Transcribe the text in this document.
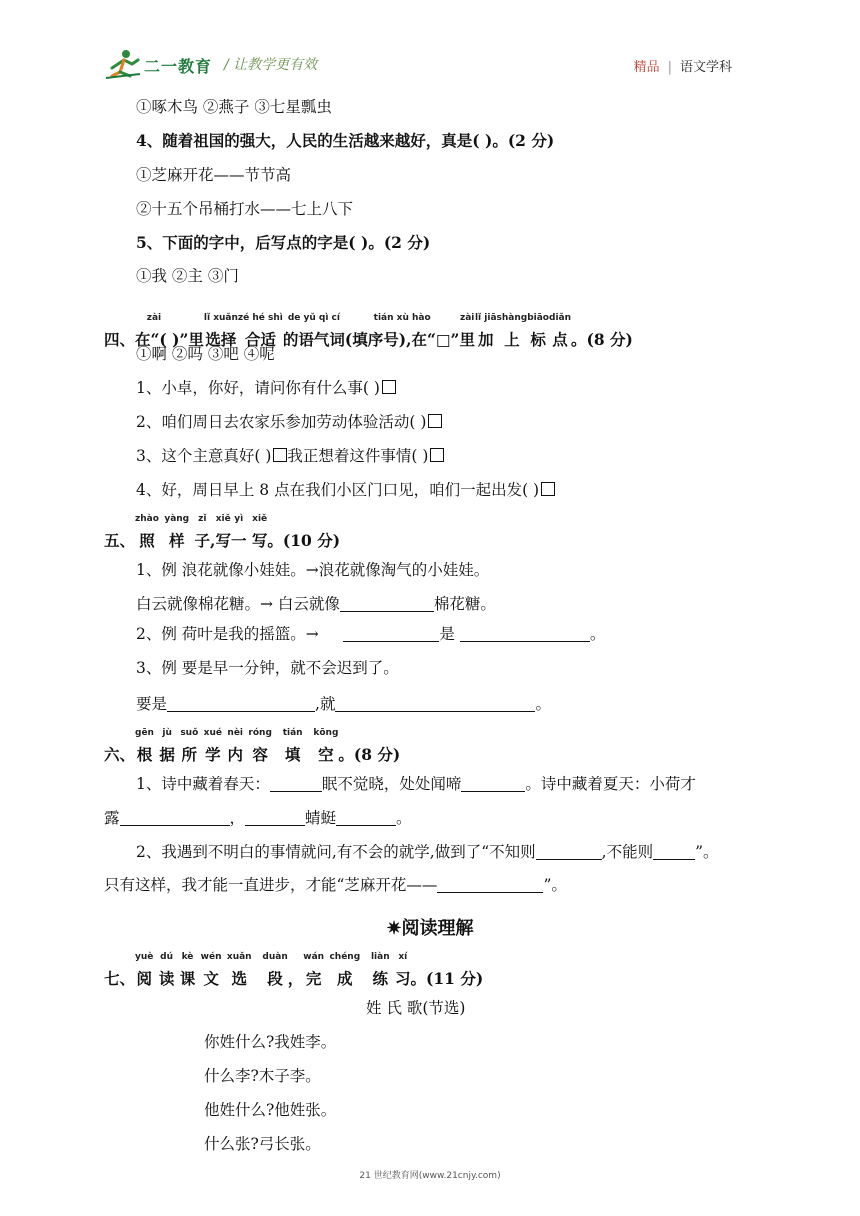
二一教育 / 让教学更有效	精品 | 语文学科
①啄木鸟 ②燕子 ③七星瓢虫
4、随着祖国的强大，人民的生活越来越好，真是( )。(2 分)
①芝麻开花——节节高
②十五个吊桶打水——七上八下
5、下面的字中，后写点的字是( )。(2 分)
①我 ②主 ③门
zài
四、在“( )”里
lǐ xuǎn
选择
zé hé shì
合适
de yǔ qì cí
的语气词
tián xù hào
(填序号),在“□”
zài
里
lǐ jiā
加
shàng
上
biāo
标
diǎn
点 。(8 分)
①啊 ②吗 ③吧 ④呢
1、小卓，你好，请问你有什么事( )
2、咱们周日去农家乐参加劳动体验活动( )
3、这个主意真好( ) 我正想着这件事情( )
4、好，周日早上 8 点在我们小区门口见，咱们一起出发( )
五、
zhào
照

yàng
样

zǐ
子 ,
xiě
写
yì
一

xiě
写 。(10 分)
1、例 浪花就像小娃娃。→浪花就像淘气的小娃娃。
白云就像棉花糖。→ 白云就像	棉花糖。
2、例 荷叶是我的摇篮。→	是	。
3、例 要是早一分钟，就不会迟到了。
要是	,就	。
六、
gēn
根

jù
据

suǒ
所

xué
学

nèi
内

róng
容

tián
填

kōng
空 。(8 分)
1、诗中藏着春天：	眠不觉晓，处处闻啼	。诗中藏着夏天：小荷才
露	，	蜻蜓	。
2、我遇到不明白的事情就问,有不会的就学,做到了“不知则	,不能则	”。
只有这样，我才能一直进步，才能“芝麻开花——	”。
✷阅读理解
七、
yuè
阅

dú
读

kè
课

wén
文

xuǎn
选

duàn
段 ，
wán
完

chéng
成

liàn
练

xí
习 。(11 分)
姓 氏 歌(节选)
你姓什么?我姓李。
什么李?木子李。
他姓什么?他姓张。
什么张?弓长张。
21 世纪教育网(www.21cnjy.com)
